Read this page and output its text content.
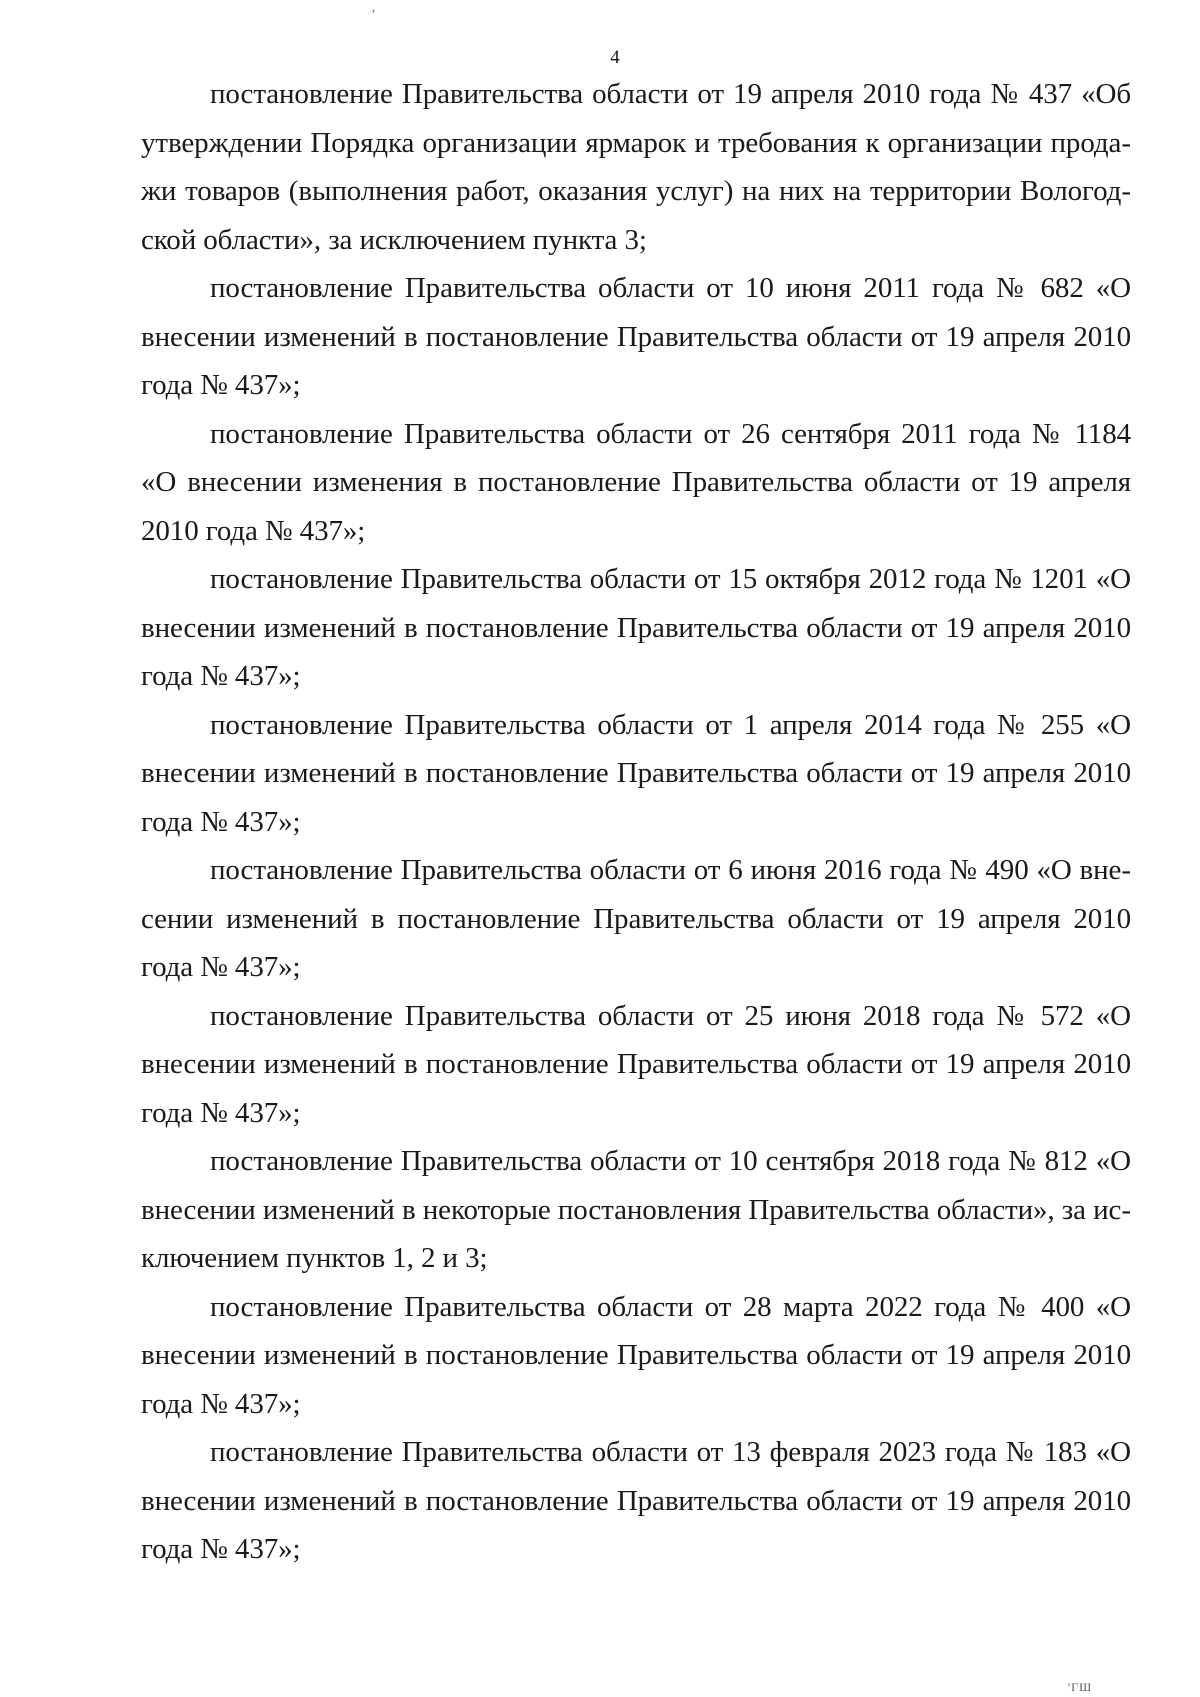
,
4

постановление Правительства области от 19 апреля 2010 года № 437 «Об утверждении Порядка организации ярмарок и требования к организации продажи товаров (выполнения работ, оказания услуг) на них на территории Вологодской области», за исключением пункта 3;

постановление Правительства области от 10 июня 2011 года № 682 «О внесении изменений в постановление Правительства области от 19 апреля 2010 года № 437»;

постановление Правительства области от 26 сентября 2011 года № 1184 «О внесении изменения в постановление Правительства области от 19 апреля 2010 года № 437»;

постановление Правительства области от 15 октября 2012 года № 1201 «О внесении изменений в постановление Правительства области от 19 апреля 2010 года № 437»;

постановление Правительства области от 1 апреля 2014 года № 255 «О внесении изменений в постановление Правительства области от 19 апреля 2010 года № 437»;

постановление Правительства области от 6 июня 2016 года № 490 «О внесении изменений в постановление Правительства области от 19 апреля 2010 года № 437»;

постановление Правительства области от 25 июня 2018 года № 572 «О внесении изменений в постановление Правительства области от 19 апреля 2010 года № 437»;

постановление Правительства области от 10 сентября 2018 года № 812 «О внесении изменений в некоторые постановления Правительства области», за исключением пунктов 1, 2 и 3;

постановление Правительства области от 28 марта 2022 года № 400 «О внесении изменений в постановление Правительства области от 19 апреля 2010 года № 437»;

постановление Правительства области от 13 февраля 2023 года № 183 «О внесении изменений в постановление Правительства области от 19 апреля 2010 года № 437»;

'ГШ
